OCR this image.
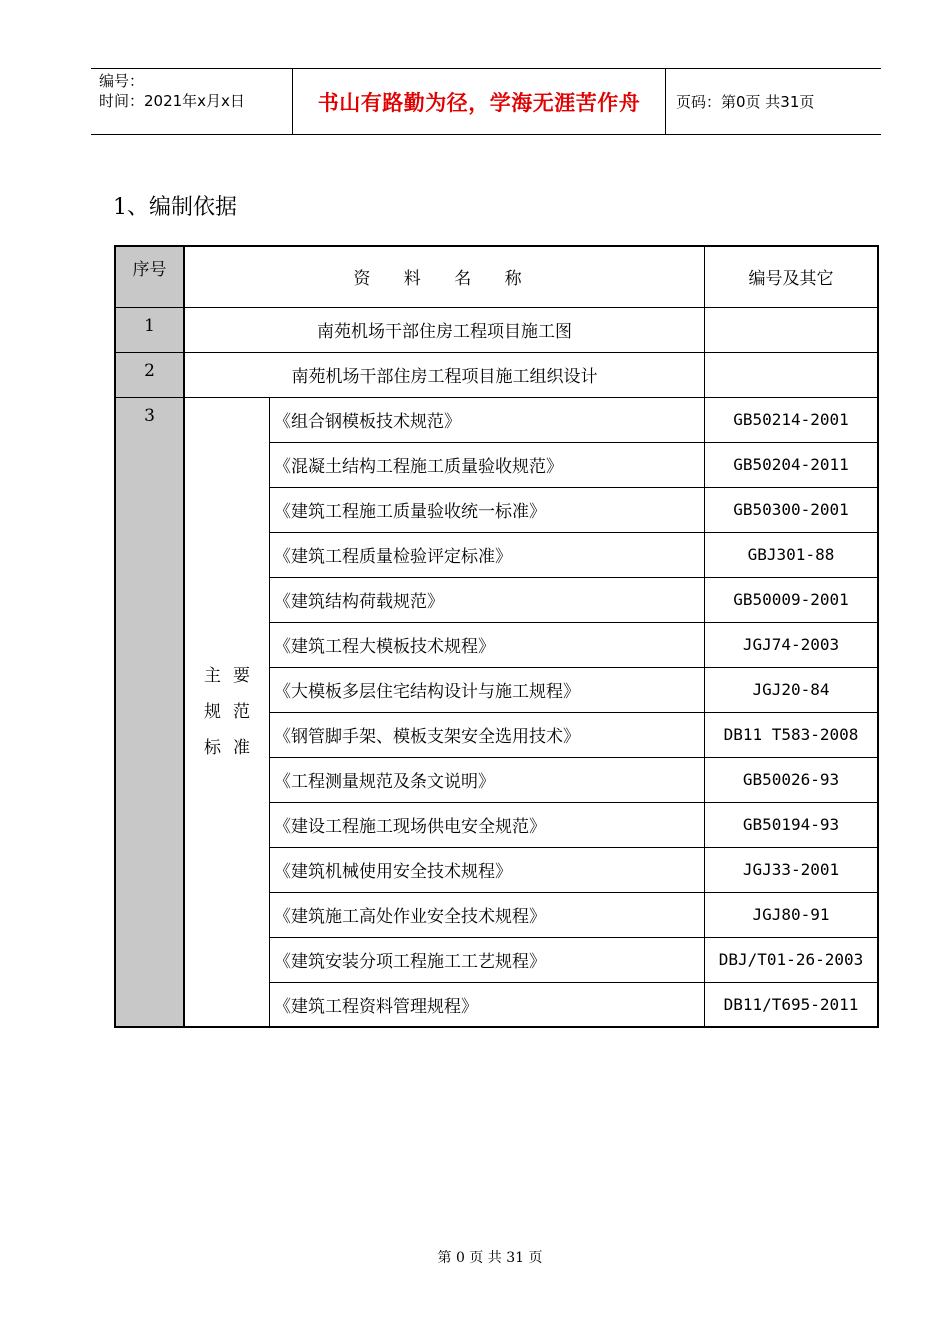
编号：
时间：2021年x月x日	书山有路勤为径，学海无涯苦作舟	页码：第0页 共31页
1、编制依据
序号	资 料 名 称		编号及其它
1	南苑机场干部住房工程项目施工图		
2	南苑机场干部住房工程项目施工组织设计		
3	主要
规范
标准	《组合钢模板技术规范》	GB50214-2001
		《混凝土结构工程施工质量验收规范》	GB50204-2011
		《建筑工程施工质量验收统一标准》	GB50300-2001
		《建筑工程质量检验评定标准》	GBJ301-88
		《建筑结构荷载规范》	GB50009-2001
		《建筑工程大模板技术规程》	JGJ74-2003
		《大模板多层住宅结构设计与施工规程》	JGJ20-84
		《钢管脚手架、模板支架安全选用技术》	DB11 T583-2008
		《工程测量规范及条文说明》	GB50026-93
		《建设工程施工现场供电安全规范》	GB50194-93
		《建筑机械使用安全技术规程》	JGJ33-2001
		《建筑施工高处作业安全技术规程》	JGJ80-91
		《建筑安装分项工程施工工艺规程》	DBJ/T01-26-2003
		《建筑工程资料管理规程》	DB11/T695-2011
第 0 页 共 31 页
